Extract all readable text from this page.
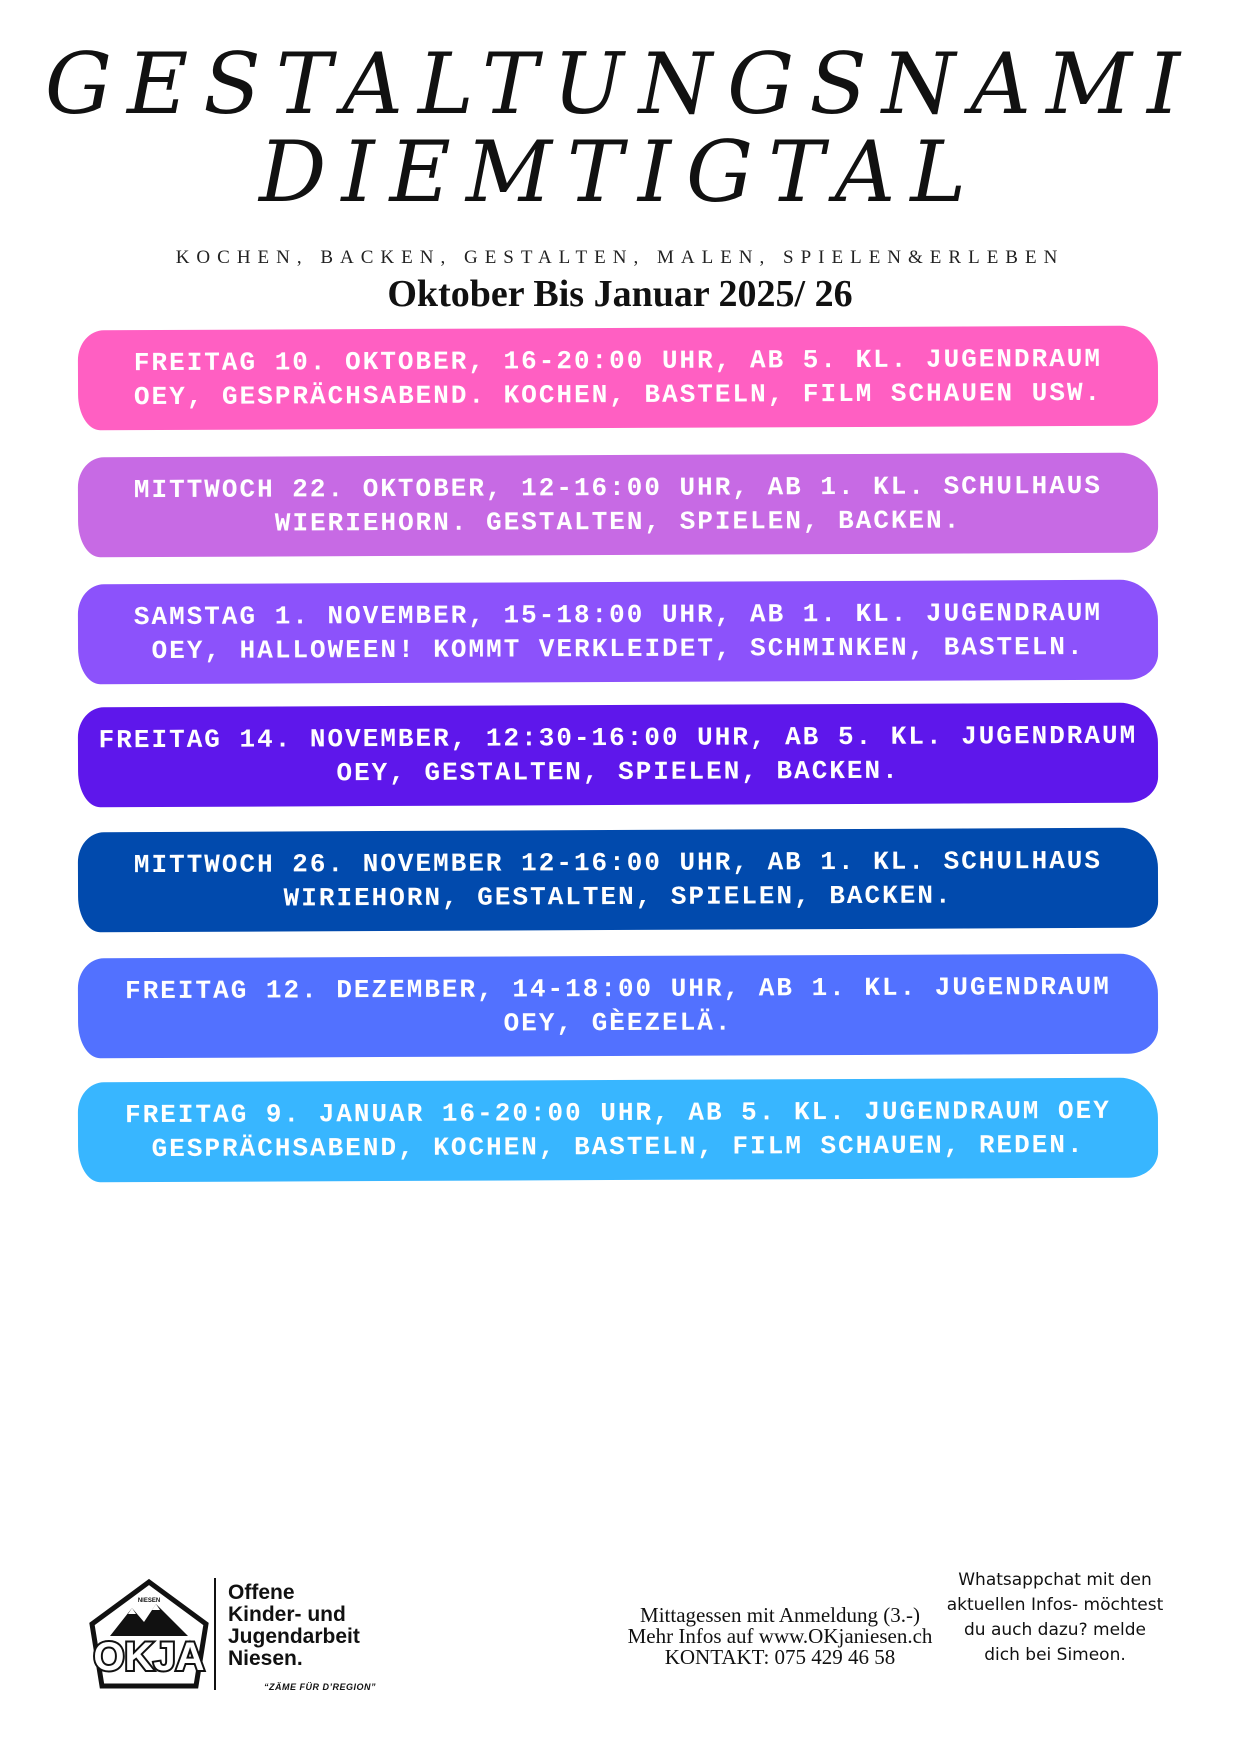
GESTALTUNGSNAMI
DIEMTIGTAL
KOCHEN, BACKEN, GESTALTEN, MALEN, SPIELEN&ERLEBEN
Oktober Bis Januar 2025/ 26
FREITAG 10. OKTOBER, 16-20:00 UHR, AB 5. KL. JUGENDRAUM OEY, GESPRÄCHSABEND. KOCHEN, BASTELN, FILM SCHAUEN USW.
MITTWOCH 22. OKTOBER, 12-16:00 UHR, AB 1. KL. SCHULHAUS WIERIEHORN. GESTALTEN, SPIELEN, BACKEN.
SAMSTAG 1. NOVEMBER, 15-18:00 UHR, AB 1. KL. JUGENDRAUM OEY, HALLOWEEN! KOMMT VERKLEIDET, SCHMINKEN, BASTELN.
FREITAG 14. NOVEMBER, 12:30-16:00 UHR, AB 5. KL. JUGENDRAUM OEY, GESTALTEN, SPIELEN, BACKEN.
MITTWOCH 26. NOVEMBER 12-16:00 UHR, AB 1. KL. SCHULHAUS WIRIEHORN, GESTALTEN, SPIELEN, BACKEN.
FREITAG 12. DEZEMBER, 14-18:00 UHR, AB 1. KL. JUGENDRAUM OEY, GÈEZELÄ.
FREITAG 9. JANUAR 16-20:00 UHR, AB 5. KL. JUGENDRAUM OEY GESPRÄCHSABEND, KOCHEN, BASTELN, FILM SCHAUEN, REDEN.
NIESEN
OKJA
Offene
Kinder- und
Jugendarbeit
Niesen.
“ZÄME FÜR D’REGION”
Mittagessen mit Anmeldung (3.-)
Mehr Infos auf www.OKjaniesen.ch
KONTAKT: 075 429 46 58
Whatsappchat mit den aktuellen Infos- möchtest du auch dazu? melde dich bei Simeon.
